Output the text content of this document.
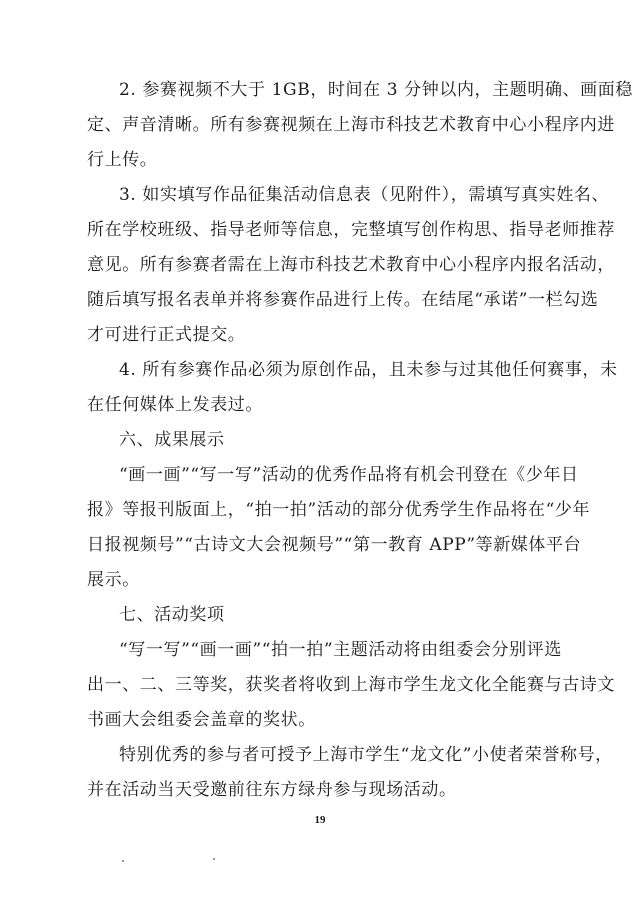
2. 参赛视频不大于 1GB，时间在 3 分钟以内，主题明确、画面稳
定、声音清晰。所有参赛视频在上海市科技艺术教育中心小程序内进
行上传。
3. 如实填写作品征集活动信息表（见附件），需填写真实姓名、
所在学校班级、指导老师等信息，完整填写创作构思、指导老师推荐
意见。所有参赛者需在上海市科技艺术教育中心小程序内报名活动，
随后填写报名表单并将参赛作品进行上传。在结尾“承诺”一栏勾选
才可进行正式提交。
4. 所有参赛作品必须为原创作品，且未参与过其他任何赛事，未
在任何媒体上发表过。
六、成果展示
“画一画”“写一写”活动的优秀作品将有机会刊登在《少年日
报》等报刊版面上，“拍一拍”活动的部分优秀学生作品将在“少年
日报视频号”“古诗文大会视频号”“第一教育 APP”等新媒体平台
展示。
七、活动奖项
“写一写”“画一画”“拍一拍”主题活动将由组委会分别评选
出一、二、三等奖，获奖者将收到上海市学生龙文化全能赛与古诗文
书画大会组委会盖章的奖状。
特别优秀的参与者可授予上海市学生“龙文化”小使者荣誉称号，
并在活动当天受邀前往东方绿舟参与现场活动。
19
